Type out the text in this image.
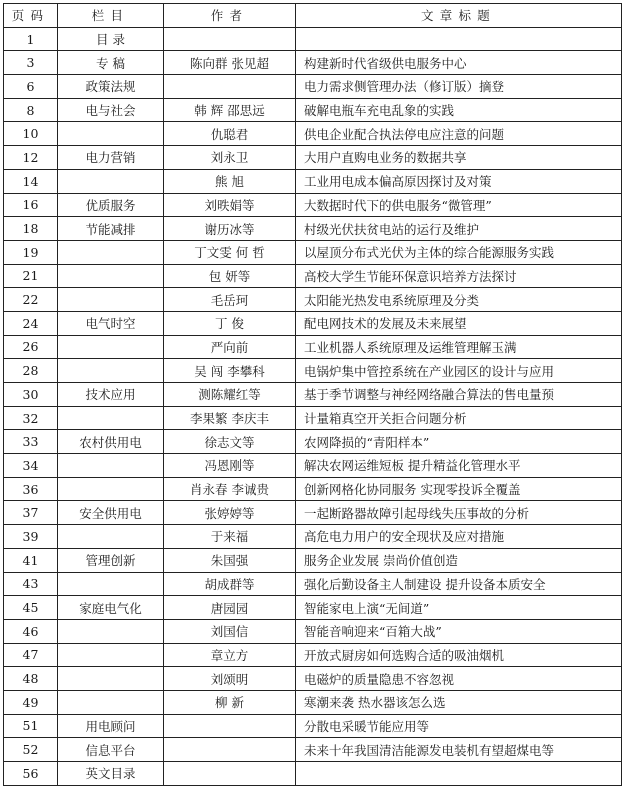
页码	栏目	作者	文章标题
1	目 录		
3	专 稿	陈向群 张见超	构建新时代省级供电服务中心
6	政策法规		电力需求侧管理办法（修订版）摘登
8	电与社会	韩 辉 邵思远	破解电瓶车充电乱象的实践
10		仇聪君	供电企业配合执法停电应注意的问题
12	电力营销	刘永卫	大用户直购电业务的数据共享
14		熊 旭	工业用电成本偏高原因探讨及对策
16	优质服务	刘昳娟等	大数据时代下的供电服务“微管理”
18	节能减排	谢历冰等	村级光伏扶贫电站的运行及维护
19		丁文雯 何 哲	以屋顶分布式光伏为主体的综合能源服务实践
21		包 妍等	高校大学生节能环保意识培养方法探讨
22		毛岳珂	太阳能光热发电系统原理及分类
24	电气时空	丁 俊	配电网技术的发展及未来展望
26		严向前	工业机器人系统原理及运维管理解玉满
28		吴 闯 李攀科	电锅炉集中管控系统在产业园区的设计与应用
30	技术应用	测陈耀红等	基于季节调整与神经网络融合算法的售电量预
32		李果繁 李庆丰	计量箱真空开关拒合问题分析
33	农村供用电	徐志文等	农网降损的“青阳样本”
34		冯恩刚等	解决农网运维短板 提升精益化管理水平
36		肖永春 李诚贵	创新网格化协同服务 实现零投诉全覆盖
37	安全供用电	张婷婷等	一起断路器故障引起母线失压事故的分析
39		于来福	高危电力用户的安全现状及应对措施
41	管理创新	朱国强	服务企业发展 崇尚价值创造
43		胡成群等	强化后勤设备主人制建设 提升设备本质安全
45	家庭电气化	唐园园	智能家电上演“无间道”
46		刘国信	智能音响迎来“百箱大战”
47		章立方	开放式厨房如何选购合适的吸油烟机
48		刘颂明	电磁炉的质量隐患不容忽视
49		柳 新	寒潮来袭 热水器该怎么选
51	用电顾问		分散电采暖节能应用等
52	信息平台		未来十年我国清洁能源发电装机有望超煤电等
56	英文目录		
